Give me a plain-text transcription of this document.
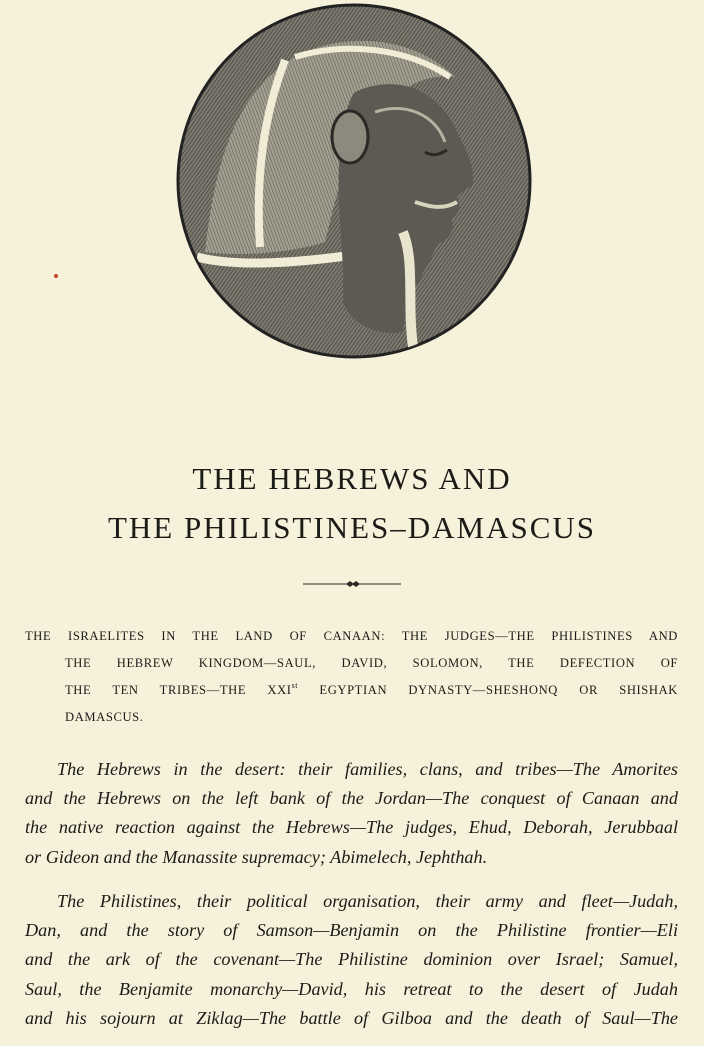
THE HEBREWS AND
THE PHILISTINES–DAMASCUS
THE ISRAELITES IN THE LAND OF CANAAN: THE JUDGES—THE PHILISTINES AND
THE HEBREW KINGDOM—SAUL, DAVID, SOLOMON, THE DEFECTION OF
THE TEN TRIBES—THE XXIst EGYPTIAN DYNASTY—SHESHONQ OR SHISHAK
DAMASCUS.
The Hebrews in the desert: their families, clans, and tribes—The Amorites
and the Hebrews on the left bank of the Jordan—The conquest of Canaan and
the native reaction against the Hebrews—The judges, Ehud, Deborah, Jerubbaal
or Gideon and the Manassite supremacy; Abimelech, Jephthah.
The Philistines, their political organisation, their army and fleet—Judah,
Dan, and the story of Samson—Benjamin on the Philistine frontier—Eli
and the ark of the covenant—The Philistine dominion over Israel; Samuel,
Saul, the Benjamite monarchy—David, his retreat to the desert of Judah
and his sojourn at Ziklag—The battle of Gilboa and the death of Saul—The
